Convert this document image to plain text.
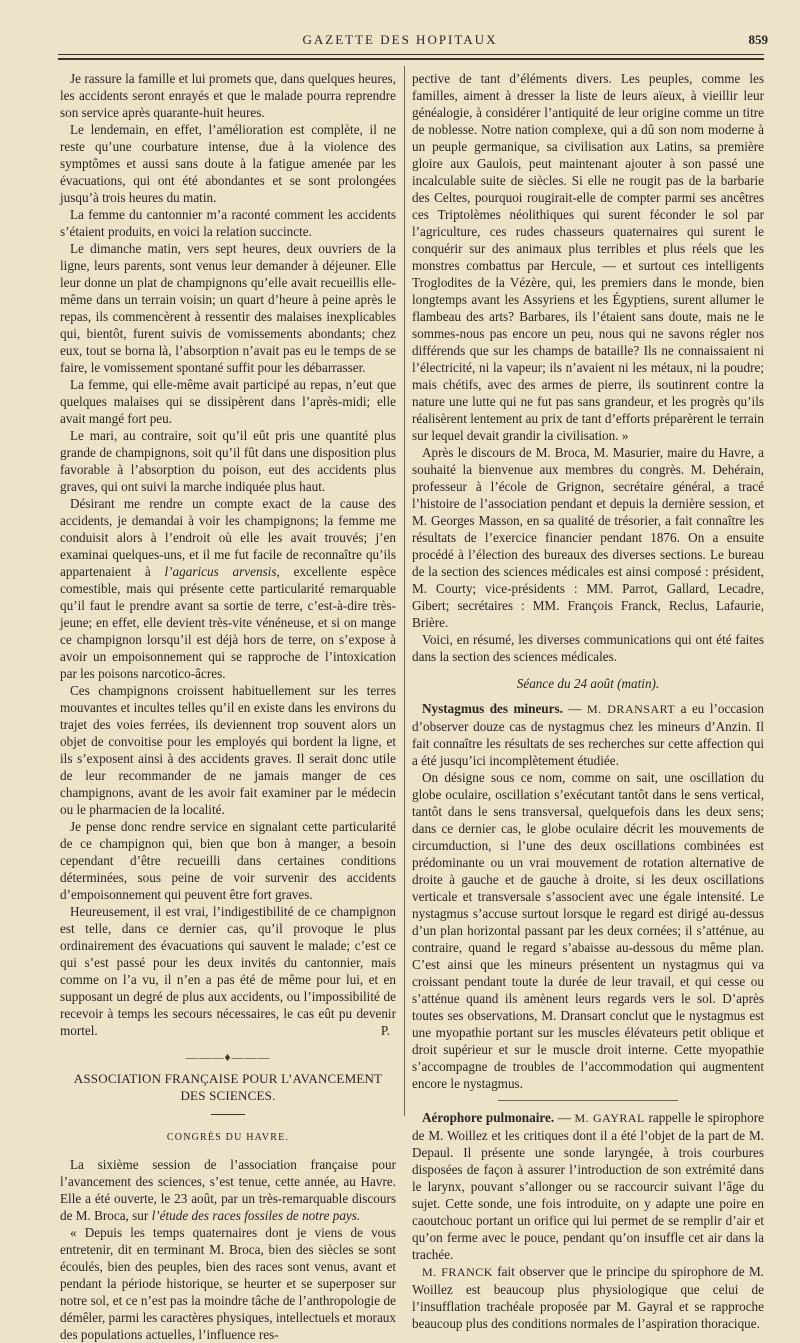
GAZETTE DES HOPITAUX	859

Je rassure la famille et lui promets que, dans quelques heures, les accidents seront enrayés et que le malade pourra reprendre son service après quarante-huit heures.

Le lendemain, en effet, l’amélioration est complète, il ne reste qu’une courbature intense, due à la violence des symptômes et aussi sans doute à la fatigue amenée par les évacuations, qui ont été abondantes et se sont prolongées jusqu’à trois heures du matin.

La femme du cantonnier m’a raconté comment les accidents s’étaient produits, en voici la relation succincte.

Le dimanche matin, vers sept heures, deux ouvriers de la ligne, leurs parents, sont venus leur demander à déjeuner. Elle leur donne un plat de champignons qu’elle avait recueillis elle-même dans un terrain voisin; un quart d’heure à peine après le repas, ils commencèrent à ressentir des malaises inexplicables qui, bientôt, furent suivis de vomissements abondants; chez eux, tout se borna là, l’absorption n’avait pas eu le temps de se faire, le vomissement spontané suffit pour les débarrasser.

La femme, qui elle-même avait participé au repas, n’eut que quelques malaises qui se dissipèrent dans l’après-midi; elle avait mangé fort peu.

Le mari, au contraire, soit qu’il eût pris une quantité plus grande de champignons, soit qu’il fût dans une disposition plus favorable à l’absorption du poison, eut des accidents plus graves, qui ont suivi la marche indiquée plus haut.

Désirant me rendre un compte exact de la cause des accidents, je demandai à voir les champignons; la femme me conduisit alors à l’endroit où elle les avait trouvés; j’en examinai quelques-uns, et il me fut facile de reconnaître qu’ils appartenaient à l’agaricus arvensis, excellente espèce comestible, mais qui présente cette particularité remarquable qu’il faut le prendre avant sa sortie de terre, c’est-à-dire très-jeune; en effet, elle devient très-vite vénéneuse, et si on mange ce champignon lorsqu’il est déjà hors de terre, on s’expose à avoir un empoisonnement qui se rapproche de l’intoxication par les poisons narcotico-âcres.

Ces champignons croissent habituellement sur les terres mouvantes et incultes telles qu’il en existe dans les environs du trajet des voies ferrées, ils deviennent trop souvent alors un objet de convoitise pour les employés qui bordent la ligne, et ils s’exposent ainsi à des accidents graves. Il serait donc utile de leur recommander de ne jamais manger de ces champignons, avant de les avoir fait examiner par le médecin ou le pharmacien de la localité.

Je pense donc rendre service en signalant cette particularité de ce champignon qui, bien que bon à manger, a besoin cependant d’être recueilli dans certaines conditions déterminées, sous peine de voir survenir des accidents d’empoisonnement qui peuvent être fort graves.

Heureusement, il est vrai, l’indigestibilité de ce champignon est telle, dans ce dernier cas, qu’il provoque le plus ordinairement des évacuations qui sauvent le malade; c’est ce qui s’est passé pour les deux invités du cantonnier, mais comme on l’a vu, il n’en a pas été de même pour lui, et en supposant un degré de plus aux accidents, ou l’impossibilité de recevoir à temps les secours nécessaires, le cas eût pu devenir mortel.	P.

———♦———
ASSOCIATION FRANÇAISE POUR L’AVANCEMENT DES SCIENCES.
CONGRÈS DU HAVRE.

La sixième session de l’association française pour l’avancement des sciences, s’est tenue, cette année, au Havre. Elle a été ouverte, le 23 août, par un très-remarquable discours de M. Broca, sur l’étude des races fossiles de notre pays.

« Depuis les temps quaternaires dont je viens de vous entretenir, dit en terminant M. Broca, bien des siècles se sont écoulés, bien des peuples, bien des races sont venus, avant et pendant la période historique, se heurter et se superposer sur notre sol, et ce n’est pas la moindre tâche de l’anthropologie de démêler, parmi les caractères physiques, intellectuels et moraux des populations actuelles, l’influence res-

pective de tant d’éléments divers. Les peuples, comme les familles, aiment à dresser la liste de leurs aïeux, à vieillir leur généalogie, à considérer l’antiquité de leur origine comme un titre de noblesse. Notre nation complexe, qui a dû son nom moderne à un peuple germanique, sa civilisation aux Latins, sa première gloire aux Gaulois, peut maintenant ajouter à son passé une incalculable suite de siècles. Si elle ne rougit pas de la barbarie des Celtes, pourquoi rougirait-elle de compter parmi ses ancêtres ces Triptolèmes néolithiques qui surent féconder le sol par l’agriculture, ces rudes chasseurs quaternaires qui surent le conquérir sur des animaux plus terribles et plus réels que les monstres combattus par Hercule, — et surtout ces intelligents Troglodites de la Vézère, qui, les premiers dans le monde, bien longtemps avant les Assyriens et les Égyptiens, surent allumer le flambeau des arts? Barbares, ils l’étaient sans doute, mais ne le sommes-nous pas encore un peu, nous qui ne savons régler nos différends que sur les champs de bataille? Ils ne connaissaient ni l’électricité, ni la vapeur; ils n’avaient ni les métaux, ni la poudre; mais chétifs, avec des armes de pierre, ils soutinrent contre la nature une lutte qui ne fut pas sans grandeur, et les progrès qu’ils réalisèrent lentement au prix de tant d’efforts préparèrent le terrain sur lequel devait grandir la civilisation. »

Après le discours de M. Broca, M. Masurier, maire du Havre, a souhaité la bienvenue aux membres du congrès. M. Dehérain, professeur à l’école de Grignon, secrétaire général, a tracé l’histoire de l’association pendant et depuis la dernière session, et M. Georges Masson, en sa qualité de trésorier, a fait connaître les résultats de l’exercice financier pendant 1876. On a ensuite procédé à l’élection des bureaux des diverses sections. Le bureau de la section des sciences médicales est ainsi composé : président, M. Courty; vice-présidents : MM. Parrot, Gallard, Lecadre, Gibert; secrétaires : MM. François Franck, Reclus, Lafaurie, Brière.

Voici, en résumé, les diverses communications qui ont été faites dans la section des sciences médicales.

Séance du 24 août (matin).

Nystagmus des mineurs. — M. DRANSART a eu l’occasion d’observer douze cas de nystagmus chez les mineurs d’Anzin. Il fait connaître les résultats de ses recherches sur cette affection qui a été jusqu’ici incomplètement étudiée.

On désigne sous ce nom, comme on sait, une oscillation du globe oculaire, oscillation s’exécutant tantôt dans le sens vertical, tantôt dans le sens transversal, quelquefois dans les deux sens; dans ce dernier cas, le globe oculaire décrit les mouvements de circumduction, si l’une des deux oscillations combinées est prédominante ou un vrai mouvement de rotation alternative de droite à gauche et de gauche à droite, si les deux oscillations verticale et transversale s’associent avec une égale intensité. Le nystagmus s’accuse surtout lorsque le regard est dirigé au-dessus d’un plan horizontal passant par les deux cornées; il s’atténue, au contraire, quand le regard s’abaisse au-dessous du même plan. C’est ainsi que les mineurs présentent un nystagmus qui va croissant pendant toute la durée de leur travail, et qui cesse ou s’atténue quand ils amènent leurs regards vers le sol. D’après toutes ses observations, M. Dransart conclut que le nystagmus est une myopathie portant sur les muscles élévateurs petit oblique et droit supérieur et sur le muscle droit interne. Cette myopathie s’accompagne de troubles de l’accommodation qui augmentent encore le nystagmus.

Aérophore pulmonaire. — M. GAYRAL rappelle le spirophore de M. Woillez et les critiques dont il a été l’objet de la part de M. Depaul. Il présente une sonde laryngée, à trois courbures disposées de façon à assurer l’introduction de son extrémité dans le larynx, pouvant s’allonger ou se raccourcir suivant l’âge du sujet. Cette sonde, une fois introduite, on y adapte une poire en caoutchouc portant un orifice qui lui permet de se remplir d’air et qu’on ferme avec le pouce, pendant qu’on insuffle cet air dans la trachée.

M. FRANCK fait observer que le principe du spirophore de M. Woillez est beaucoup plus physiologique que celui de l’insufflation trachéale proposée par M. Gayral et se rapproche beaucoup plus des conditions normales de l’aspiration thoracique.
